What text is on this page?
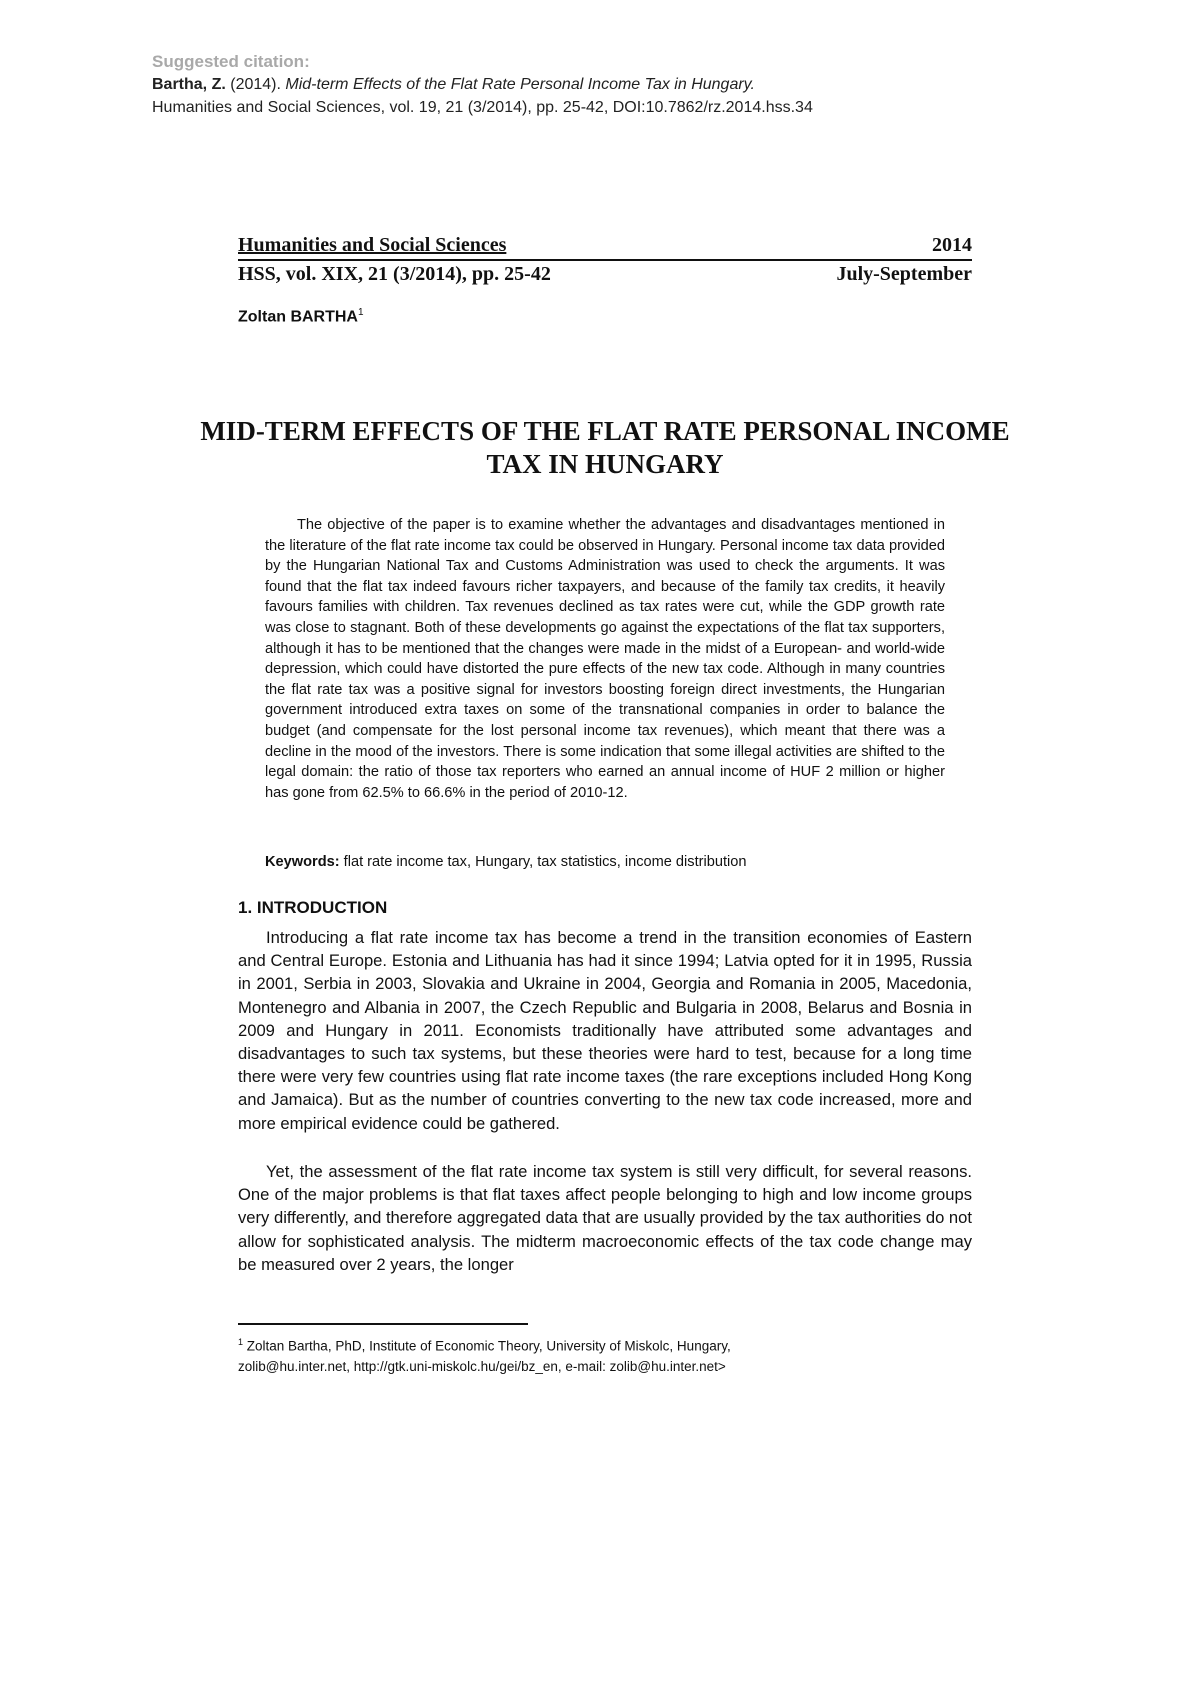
Suggested citation:
Bartha, Z. (2014). Mid-term Effects of the Flat Rate Personal Income Tax in Hungary.
Humanities and Social Sciences, vol. 19, 21 (3/2014), pp. 25-42, DOI:10.7862/rz.2014.hss.34
Humanities and Social Sciences	2014
HSS, vol. XIX, 21 (3/2014), pp. 25-42	July-September
Zoltan BARTHA$^1$
MID-TERM EFFECTS OF THE FLAT RATE PERSONAL INCOME TAX IN HUNGARY

The objective of the paper is to examine whether the advantages and disadvantages mentioned in the literature of the flat rate income tax could be observed in Hungary. Personal income tax data provided by the Hungarian National Tax and Customs Administration was used to check the arguments. It was found that the flat tax indeed favours richer taxpayers, and because of the family tax credits, it heavily favours families with children. Tax revenues declined as tax rates were cut, while the GDP growth rate was close to stagnant. Both of these developments go against the expectations of the flat tax supporters, although it has to be mentioned that the changes were made in the midst of a European- and world-wide depression, which could have distorted the pure effects of the new tax code. Although in many countries the flat rate tax was a positive signal for investors boosting foreign direct investments, the Hungarian government introduced extra taxes on some of the transnational companies in order to balance the budget (and compensate for the lost personal income tax revenues), which meant that there was a decline in the mood of the investors. There is some indication that some illegal activities are shifted to the legal domain: the ratio of those tax reporters who earned an annual income of HUF 2 million or higher has gone from 62.5% to 66.6% in the period of 2010-12.

Keywords: flat rate income tax, Hungary, tax statistics, income distribution

1. INTRODUCTION

Introducing a flat rate income tax has become a trend in the transition economies of Eastern and Central Europe. Estonia and Lithuania has had it since 1994; Latvia opted for it in 1995, Russia in 2001, Serbia in 2003, Slovakia and Ukraine in 2004, Georgia and Romania in 2005, Macedonia, Montenegro and Albania in 2007, the Czech Republic and Bulgaria in 2008, Belarus and Bosnia in 2009 and Hungary in 2011. Economists traditionally have attributed some advantages and disadvantages to such tax systems, but these theories were hard to test, because for a long time there were very few countries using flat rate income taxes (the rare exceptions included Hong Kong and Jamaica). But as the number of countries converting to the new tax code increased, more and more empirical evidence could be gathered.

Yet, the assessment of the flat rate income tax system is still very difficult, for several reasons. One of the major problems is that flat taxes affect people belonging to high and low income groups very differently, and therefore aggregated data that are usually provided by the tax authorities do not allow for sophisticated analysis. The midterm macroeconomic effects of the tax code change may be measured over 2 years, the longer

$^1$ Zoltan Bartha, PhD, Institute of Economic Theory, University of Miskolc, Hungary,
zolib@hu.inter.net, http://gtk.uni-miskolc.hu/gei/bz_en, e-mail: zolib@hu.inter.net>
